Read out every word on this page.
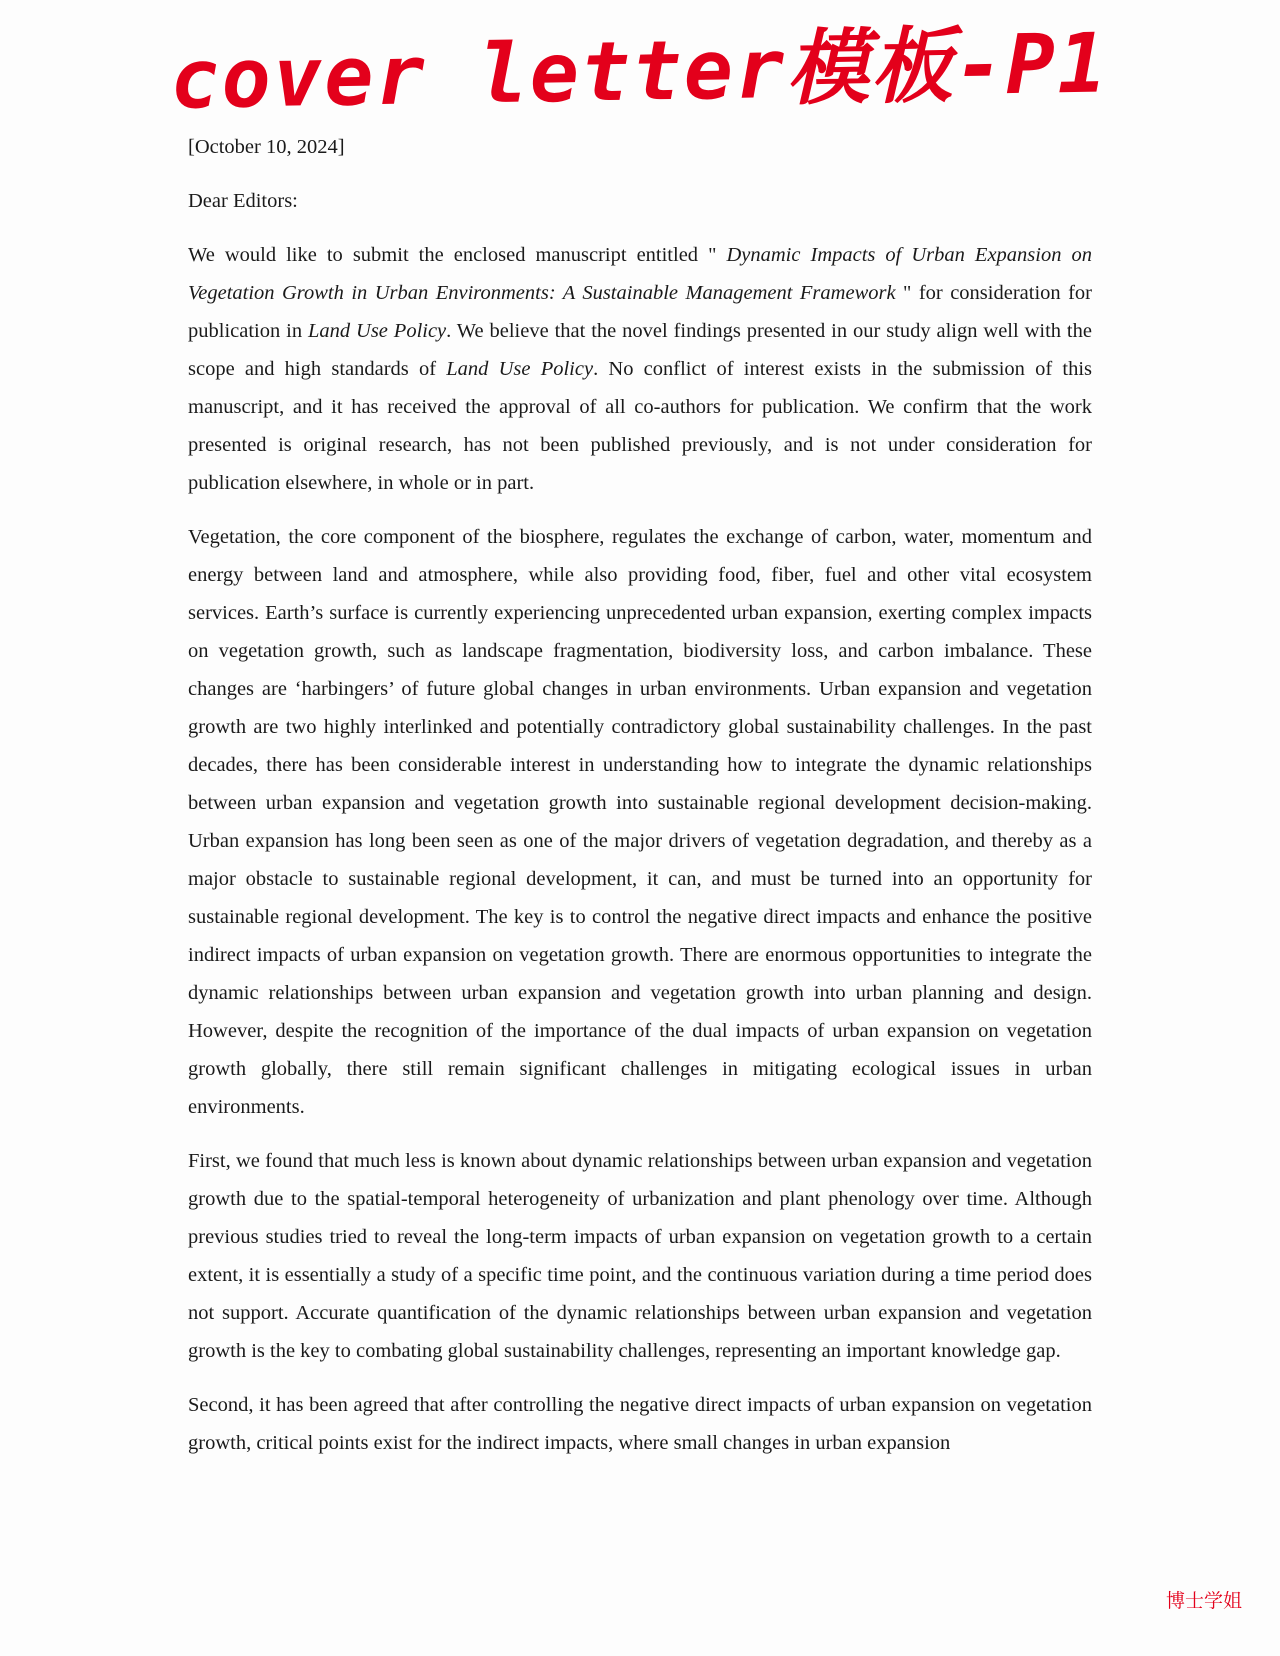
cover letter模板-P1

[October 10, 2024]

Dear Editors:

We would like to submit the enclosed manuscript entitled " Dynamic Impacts of Urban Expansion on Vegetation Growth in Urban Environments: A Sustainable Management Framework " for consideration for publication in Land Use Policy. We believe that the novel findings presented in our study align well with the scope and high standards of Land Use Policy. No conflict of interest exists in the submission of this manuscript, and it has received the approval of all co-authors for publication. We confirm that the work presented is original research, has not been published previously, and is not under consideration for publication elsewhere, in whole or in part.

Vegetation, the core component of the biosphere, regulates the exchange of carbon, water, momentum and energy between land and atmosphere, while also providing food, fiber, fuel and other vital ecosystem services. Earth’s surface is currently experiencing unprecedented urban expansion, exerting complex impacts on vegetation growth, such as landscape fragmentation, biodiversity loss, and carbon imbalance. These changes are ‘harbingers’ of future global changes in urban environments. Urban expansion and vegetation growth are two highly interlinked and potentially contradictory global sustainability challenges. In the past decades, there has been considerable interest in understanding how to integrate the dynamic relationships between urban expansion and vegetation growth into sustainable regional development decision-making. Urban expansion has long been seen as one of the major drivers of vegetation degradation, and thereby as a major obstacle to sustainable regional development, it can, and must be turned into an opportunity for sustainable regional development. The key is to control the negative direct impacts and enhance the positive indirect impacts of urban expansion on vegetation growth. There are enormous opportunities to integrate the dynamic relationships between urban expansion and vegetation growth into urban planning and design. However, despite the recognition of the importance of the dual impacts of urban expansion on vegetation growth globally, there still remain significant challenges in mitigating ecological issues in urban environments.

First, we found that much less is known about dynamic relationships between urban expansion and vegetation growth due to the spatial-temporal heterogeneity of urbanization and plant phenology over time. Although previous studies tried to reveal the long-term impacts of urban expansion on vegetation growth to a certain extent, it is essentially a study of a specific time point, and the continuous variation during a time period does not support. Accurate quantification of the dynamic relationships between urban expansion and vegetation growth is the key to combating global sustainability challenges, representing an important knowledge gap.

Second, it has been agreed that after controlling the negative direct impacts of urban expansion on vegetation growth, critical points exist for the indirect impacts, where small changes in urban expansion

博士学姐
